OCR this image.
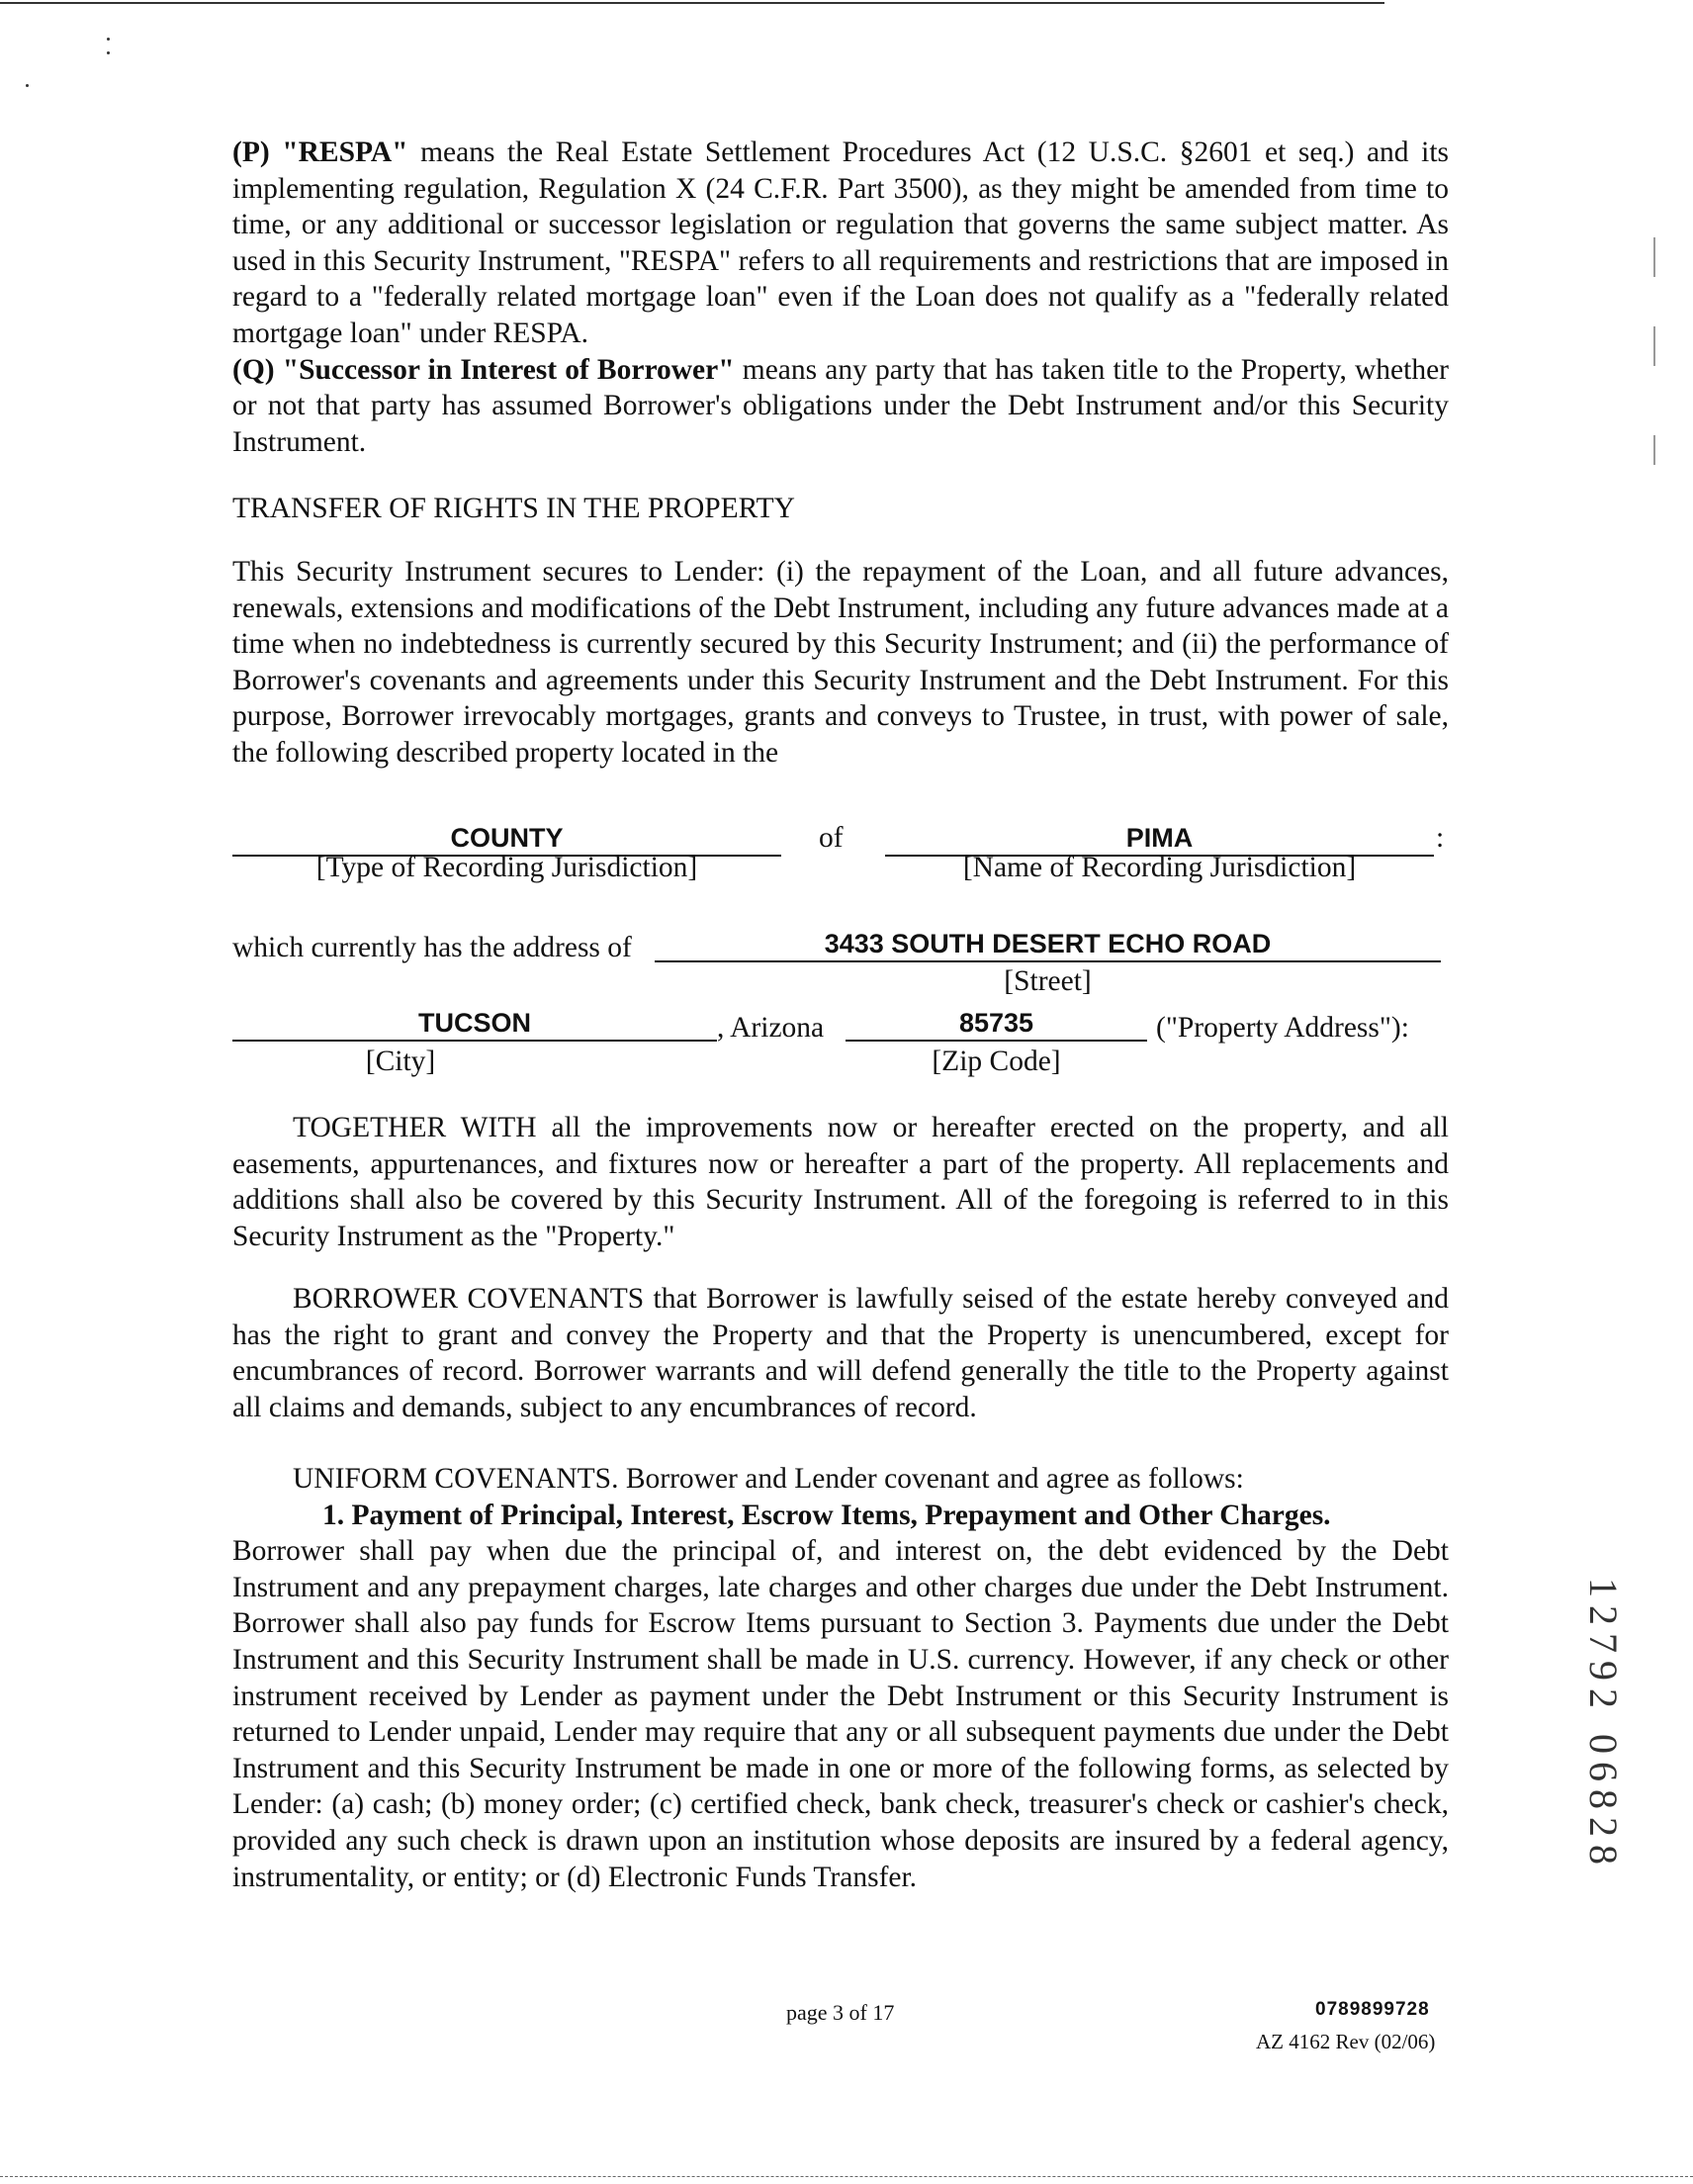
(P) "RESPA" means the Real Estate Settlement Procedures Act (12 U.S.C. §2601 et seq.) and its implementing regulation, Regulation X (24 C.F.R. Part 3500), as they might be amended from time to time, or any additional or successor legislation or regulation that governs the same subject matter. As used in this Security Instrument, "RESPA" refers to all requirements and restrictions that are imposed in regard to a "federally related mortgage loan" even if the Loan does not qualify as a "federally related mortgage loan" under RESPA.

(Q) "Successor in Interest of Borrower" means any party that has taken title to the Property, whether or not that party has assumed Borrower's obligations under the Debt Instrument and/or this Security Instrument.

TRANSFER OF RIGHTS IN THE PROPERTY

This Security Instrument secures to Lender: (i) the repayment of the Loan, and all future advances, renewals, extensions and modifications of the Debt Instrument, including any future advances made at a time when no indebtedness is currently secured by this Security Instrument; and (ii) the performance of Borrower's covenants and agreements under this Security Instrument and the Debt Instrument. For this purpose, Borrower irrevocably mortgages, grants and conveys to Trustee, in trust, with power of sale, the following described property located in the

COUNTY
[Type of Recording Jurisdiction]
of	PIMA	:
[Name of Recording Jurisdiction]
which currently has the address of	3433 SOUTH DESERT ECHO ROAD
[Street]
TUCSON	, Arizona	85735	("Property Address"):
[City]	[Zip Code]

TOGETHER WITH all the improvements now or hereafter erected on the property, and all easements, appurtenances, and fixtures now or hereafter a part of the property. All replacements and additions shall also be covered by this Security Instrument. All of the foregoing is referred to in this Security Instrument as the "Property."

BORROWER COVENANTS that Borrower is lawfully seised of the estate hereby conveyed and has the right to grant and convey the Property and that the Property is unencumbered, except for encumbrances of record. Borrower warrants and will defend generally the title to the Property against all claims and demands, subject to any encumbrances of record.

UNIFORM COVENANTS. Borrower and Lender covenant and agree as follows:

1. Payment of Principal, Interest, Escrow Items, Prepayment and Other Charges.

Borrower shall pay when due the principal of, and interest on, the debt evidenced by the Debt Instrument and any prepayment charges, late charges and other charges due under the Debt Instrument. Borrower shall also pay funds for Escrow Items pursuant to Section 3. Payments due under the Debt Instrument and this Security Instrument shall be made in U.S. currency. However, if any check or other instrument received by Lender as payment under the Debt Instrument or this Security Instrument is returned to Lender unpaid, Lender may require that any or all subsequent payments due under the Debt Instrument and this Security Instrument be made in one or more of the following forms, as selected by Lender: (a) cash; (b) money order; (c) certified check, bank check, treasurer's check or cashier's check, provided any such check is drawn upon an institution whose deposits are insured by a federal agency, instrumentality, or entity; or (d) Electronic Funds Transfer.

page 3 of 17	0789899728
AZ 4162 Rev (02/06)
12792 06828
